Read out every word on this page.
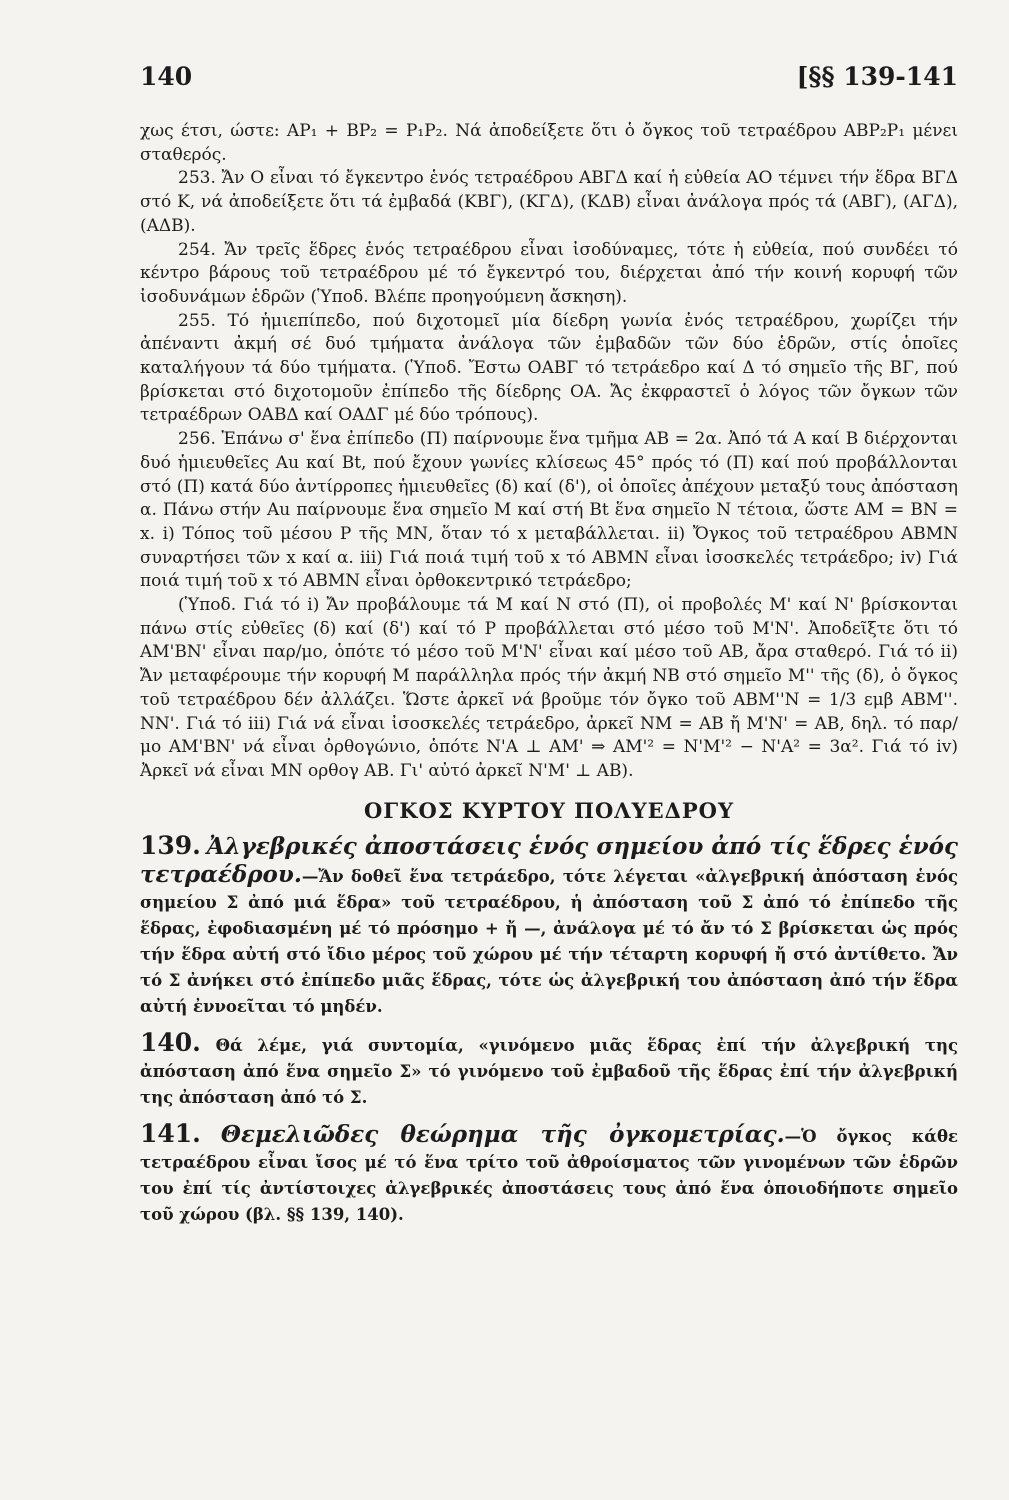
140	[§§ 139-141

χως έτσι, ώστε: AP₁ + BP₂ = P₁P₂. Νά ἀποδείξετε ὅτι ὁ ὄγκος τοῦ τετραέδρου ABP₂P₁ μένει σταθερός.

253. Ἄν O εἶναι τό ἔγκεντρο ἑνός τετραέδρου ΑΒΓΔ καί ἡ εὐθεία AO τέμνει τήν ἕδρα ΒΓΔ στό K, νά ἀποδείξετε ὅτι τά ἐμβαδά (ΚΒΓ), (ΚΓΔ), (ΚΔΒ) εἶναι ἀνάλογα πρός τά (ΑΒΓ), (ΑΓΔ), (ΑΔΒ).

254. Ἄν τρεῖς ἕδρες ἑνός τετραέδρου εἶναι ἰσοδύναμες, τότε ἡ εὐθεία, πού συνδέει τό κέντρο βάρους τοῦ τετραέδρου μέ τό ἔγκεντρό του, διέρχεται ἀπό τήν κοινή κορυφή τῶν ἰσοδυνάμων ἑδρῶν (Ὑποδ. Βλέπε προηγούμενη ἄσκηση).

255. Τό ἡμιεπίπεδο, πού διχοτομεῖ μία δίεδρη γωνία ἑνός τετραέδρου, χωρίζει τήν ἀπέναντι ἀκμή σέ δυό τμήματα ἀνάλογα τῶν ἐμβαδῶν τῶν δύο ἑδρῶν, στίς ὁποῖες καταλήγουν τά δύο τμήματα. (Ὑποδ. Ἔστω ΟΑΒΓ τό τετράεδρο καί Δ τό σημεῖο τῆς ΒΓ, πού βρίσκεται στό διχοτομοῦν ἐπίπεδο τῆς δίεδρης ΟΑ. Ἄς ἐκφραστεῖ ὁ λόγος τῶν ὄγκων τῶν τετραέδρων ΟΑΒΔ καί ΟΑΔΓ μέ δύο τρόπους).

256. Ἐπάνω σ' ἕνα ἐπίπεδο (Π) παίρνουμε ἕνα τμῆμα ΑΒ = 2α. Ἀπό τά Α καί Β διέρχονται δυό ἡμιευθεῖες Au καί Bt, πού ἔχουν γωνίες κλίσεως 45° πρός τό (Π) καί πού προβάλλονται στό (Π) κατά δύο ἀντίρροπες ἡμιευθεῖες (δ) καί (δ'), οἱ ὁποῖες ἀπέχουν μεταξύ τους ἀπόσταση α. Πάνω στήν Au παίρνουμε ἕνα σημεῖο Μ καί στή Bt ἕνα σημεῖο Ν τέτοια, ὥστε ΑΜ = ΒΝ = x. i) Τόπος τοῦ μέσου Ρ τῆς ΜΝ, ὅταν τό x μεταβάλλεται. ii) Ὄγκος τοῦ τετραέδρου ΑΒΜΝ συναρτήσει τῶν x καί α. iii) Γιά ποιά τιμή τοῦ x τό ΑΒΜΝ εἶναι ἰσοσκελές τετράεδρο; iv) Γιά ποιά τιμή τοῦ x τό ΑΒΜΝ εἶναι ὀρθοκεντρικό τετράεδρο;

(Ὑποδ. Γιά τό i) Ἄν προβάλουμε τά Μ καί Ν στό (Π), οἱ προβολές Μ' καί Ν' βρίσκονται πάνω στίς εὐθεῖες (δ) καί (δ') καί τό Ρ προβάλλεται στό μέσο τοῦ Μ'Ν'. Ἀποδεῖξτε ὅτι τό ΑΜ'ΒΝ' εἶναι παρ/μο, ὁπότε τό μέσο τοῦ Μ'Ν' εἶναι καί μέσο τοῦ ΑΒ, ἄρα σταθερό. Γιά τό ii) Ἄν μεταφέρουμε τήν κορυφή Μ παράλληλα πρός τήν ἀκμή ΝΒ στό σημεῖο Μ'' τῆς (δ), ὁ ὄγκος τοῦ τετραέδρου δέν ἀλλάζει. Ὥστε ἀρκεῖ νά βροῦμε τόν ὄγκο τοῦ ΑΒΜ''Ν = 1/3 εμβ ΑΒΜ''. ΝΝ'. Γιά τό iii) Γιά νά εἶναι ἰσοσκελές τετράεδρο, ἀρκεῖ ΝΜ = ΑΒ ἤ Μ'Ν' = ΑΒ, δηλ. τό παρ/μο ΑΜ'ΒΝ' νά εἶναι ὀρθογώνιο, ὁπότε Ν'Α ⊥ ΑΜ' ⇒ ΑΜ'² = Ν'Μ'² − Ν'Α² = 3α². Γιά τό iv) Ἀρκεῖ νά εἶναι ΜΝ ορθογ ΑΒ. Γι' αὐτό ἀρκεῖ Ν'Μ' ⊥ ΑΒ).

ΟΓΚΟΣ ΚΥΡΤΟΥ ΠΟΛΥΕΔΡΟΥ

139. Ἀλγεβρικές ἀποστάσεις ἑνός σημείου ἀπό τίς ἕδρες ἑνός τετραέδρου.—Ἄν δοθεῖ ἕνα τετράεδρο, τότε λέγεται «ἀλγεβρική ἀπόσταση ἑνός σημείου Σ ἀπό μιά ἕδρα» τοῦ τετραέδρου, ἡ ἀπόσταση τοῦ Σ ἀπό τό ἐπίπεδο τῆς ἕδρας, ἐφοδιασμένη μέ τό πρόσημο + ἤ —, ἀνάλογα μέ τό ἄν τό Σ βρίσκεται ὡς πρός τήν ἕδρα αὐτή στό ἴδιο μέρος τοῦ χώρου μέ τήν τέταρτη κορυφή ἤ στό ἀντίθετο. Ἄν τό Σ ἀνήκει στό ἐπίπεδο μιᾶς ἕδρας, τότε ὡς ἀλγεβρική του ἀπόσταση ἀπό τήν ἕδρα αὐτή ἐννοεῖται τό μηδέν.

140. Θά λέμε, γιά συντομία, «γινόμενο μιᾶς ἕδρας ἐπί τήν ἀλγεβρική της ἀπόσταση ἀπό ἕνα σημεῖο Σ» τό γινόμενο τοῦ ἐμβαδοῦ τῆς ἕδρας ἐπί τήν ἀλγεβρική της ἀπόσταση ἀπό τό Σ.

141. Θεμελιῶδες θεώρημα τῆς ὀγκομετρίας.—Ὁ ὄγκος κάθε τετραέδρου εἶναι ἴσος μέ τό ἕνα τρίτο τοῦ ἀθροίσματος τῶν γινομένων τῶν ἑδρῶν του ἐπί τίς ἀντίστοιχες ἀλγεβρικές ἀποστάσεις τους ἀπό ἕνα ὁποιοδήποτε σημεῖο τοῦ χώρου (βλ. §§ 139, 140).
